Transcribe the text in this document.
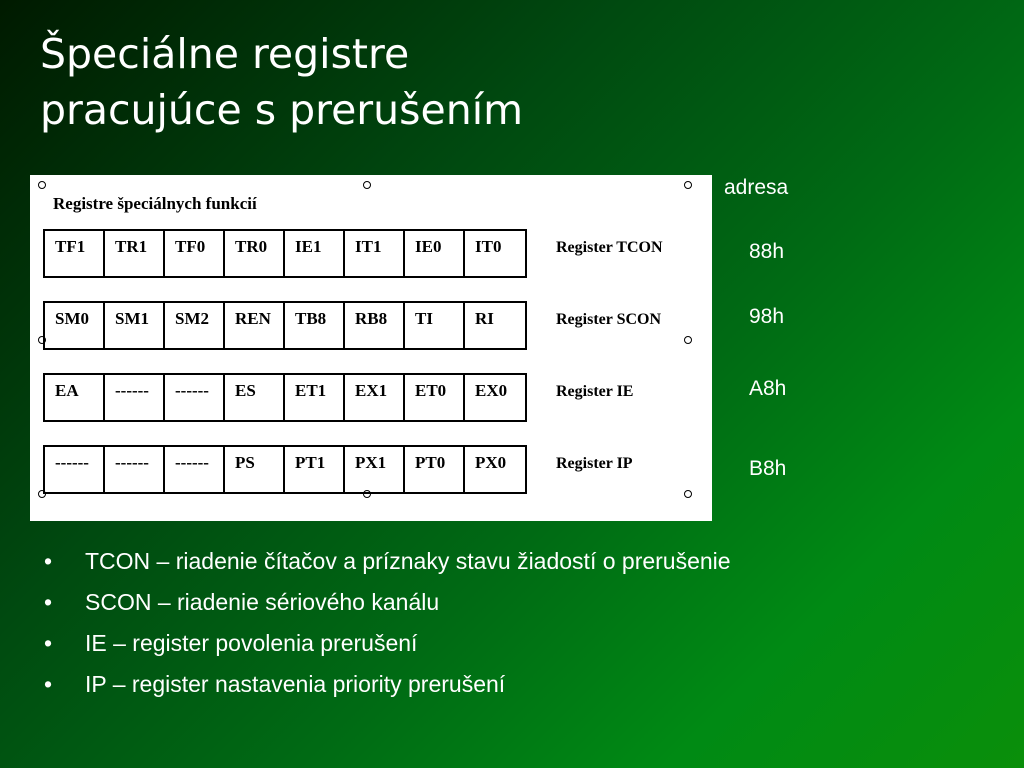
Špeciálne registre
pracujúce s prerušením
Registre špeciálnych funkcií
TF1	TR1	TF0	TR0	IE1	IT1	IE0	IT0	Register TCON
SM0	SM1	SM2	REN	TB8	RB8	TI	RI	Register SCON
EA	------	------	ES	ET1	EX1	ET0	EX0	Register IE
------	------	------	PS	PT1	PX1	PT0	PX0	Register IP
adresa
88h
98h
A8h
B8h
• TCON – riadenie čítačov a príznaky stavu žiadostí o prerušenie
• SCON – riadenie sériového kanálu
• IE – register povolenia prerušení
• IP – register nastavenia priority prerušení
